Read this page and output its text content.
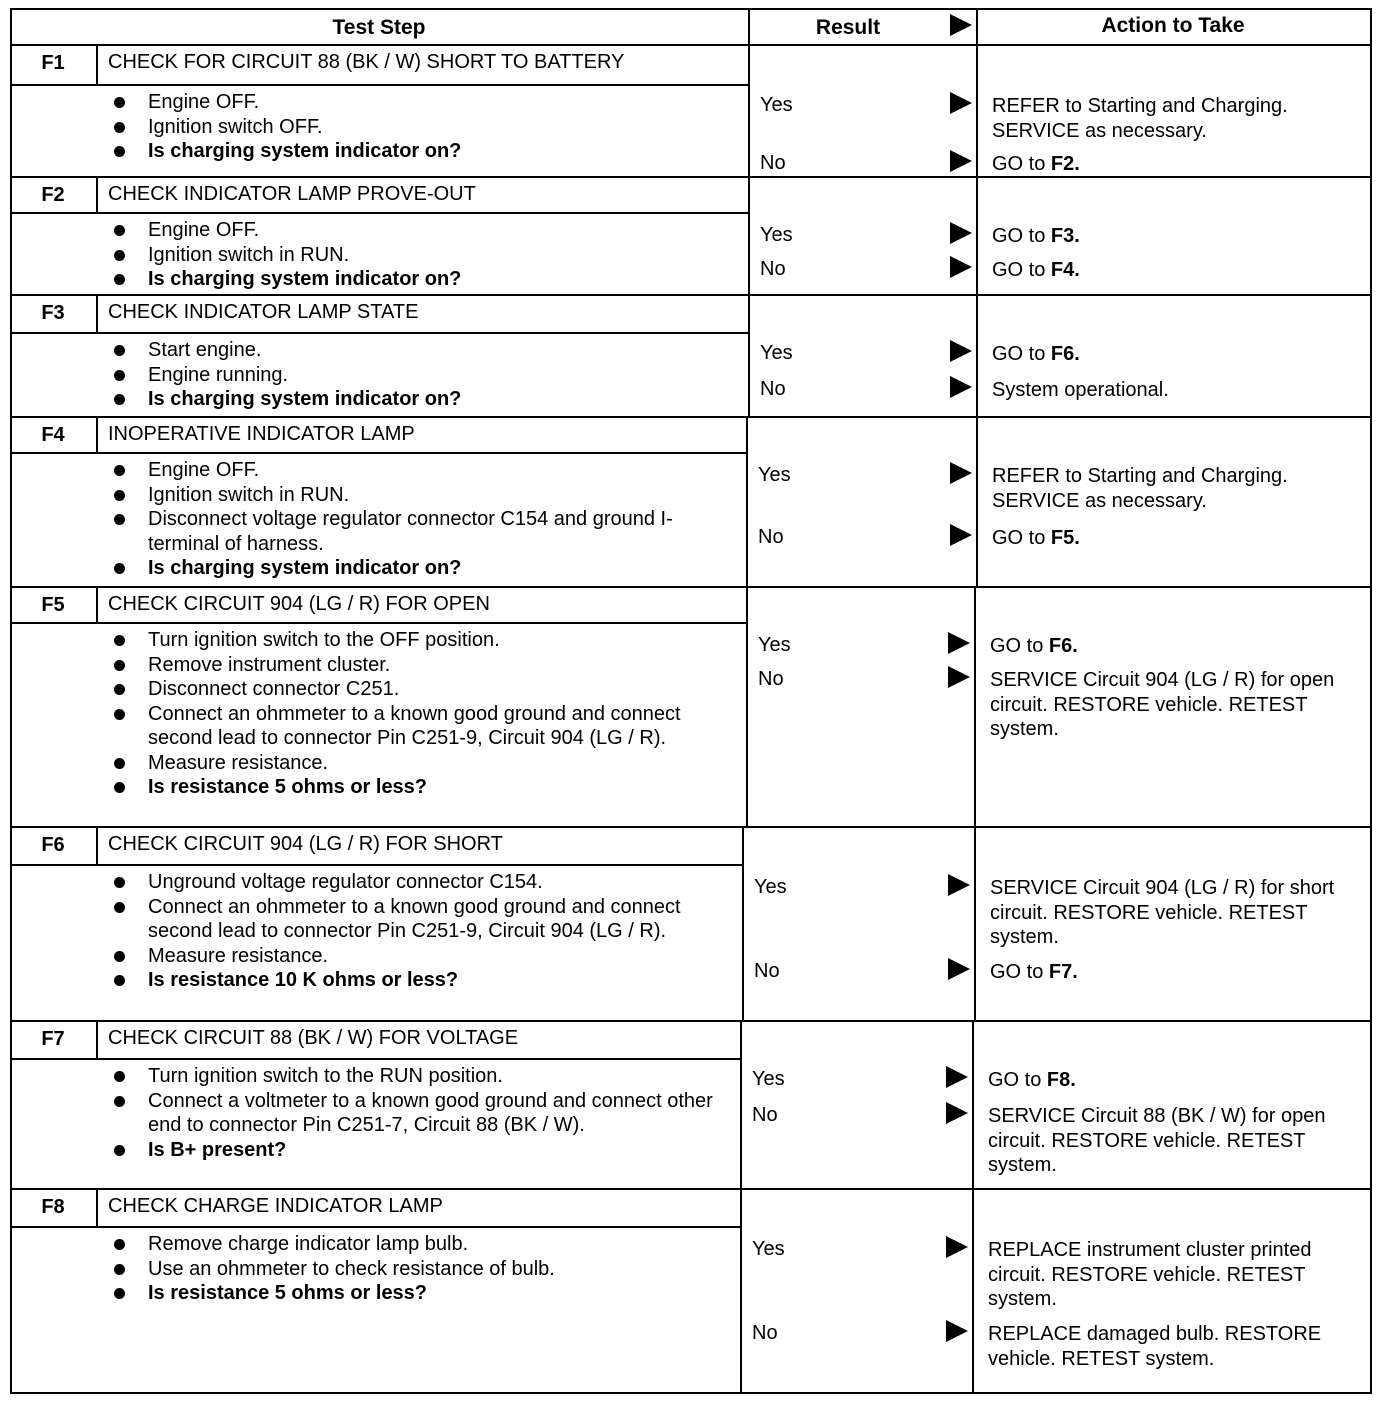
Test Step	Result	Action to Take
F1	CHECK FOR CIRCUIT 88 (BK / W) SHORT TO BATTERY
Engine OFF.
Ignition switch OFF.
Is charging system indicator on?
Yes	REFER to Starting and Charging. SERVICE as necessary.
No	GO to F2.
F2	CHECK INDICATOR LAMP PROVE-OUT
Engine OFF.
Ignition switch in RUN.
Is charging system indicator on?
Yes	GO to F3.
No	GO to F4.
F3	CHECK INDICATOR LAMP STATE
Start engine.
Engine running.
Is charging system indicator on?
Yes	GO to F6.
No	System operational.
F4	INOPERATIVE INDICATOR LAMP
Engine OFF.
Ignition switch in RUN.
Disconnect voltage regulator connector C154 and ground I-terminal of harness.
Is charging system indicator on?
Yes	REFER to Starting and Charging. SERVICE as necessary.
No	GO to F5.
F5	CHECK CIRCUIT 904 (LG / R) FOR OPEN
Turn ignition switch to the OFF position.
Remove instrument cluster.
Disconnect connector C251.
Connect an ohmmeter to a known good ground and connect second lead to connector Pin C251-9, Circuit 904 (LG / R).
Measure resistance.
Is resistance 5 ohms or less?
Yes	GO to F6.
No	SERVICE Circuit 904 (LG / R) for open circuit. RESTORE vehicle. RETEST system.
F6	CHECK CIRCUIT 904 (LG / R) FOR SHORT
Unground voltage regulator connector C154.
Connect an ohmmeter to a known good ground and connect second lead to connector Pin C251-9, Circuit 904 (LG / R).
Measure resistance.
Is resistance 10 K ohms or less?
Yes	SERVICE Circuit 904 (LG / R) for short circuit. RESTORE vehicle. RETEST system.
No	GO to F7.
F7	CHECK CIRCUIT 88 (BK / W) FOR VOLTAGE
Turn ignition switch to the RUN position.
Connect a voltmeter to a known good ground and connect other end to connector Pin C251-7, Circuit 88 (BK / W).
Is B+ present?
Yes	GO to F8.
No	SERVICE Circuit 88 (BK / W) for open circuit. RESTORE vehicle. RETEST system.
F8	CHECK CHARGE INDICATOR LAMP
Remove charge indicator lamp bulb.
Use an ohmmeter to check resistance of bulb.
Is resistance 5 ohms or less?
Yes	REPLACE instrument cluster printed circuit. RESTORE vehicle. RETEST system.
No	REPLACE damaged bulb. RESTORE vehicle. RETEST system.
